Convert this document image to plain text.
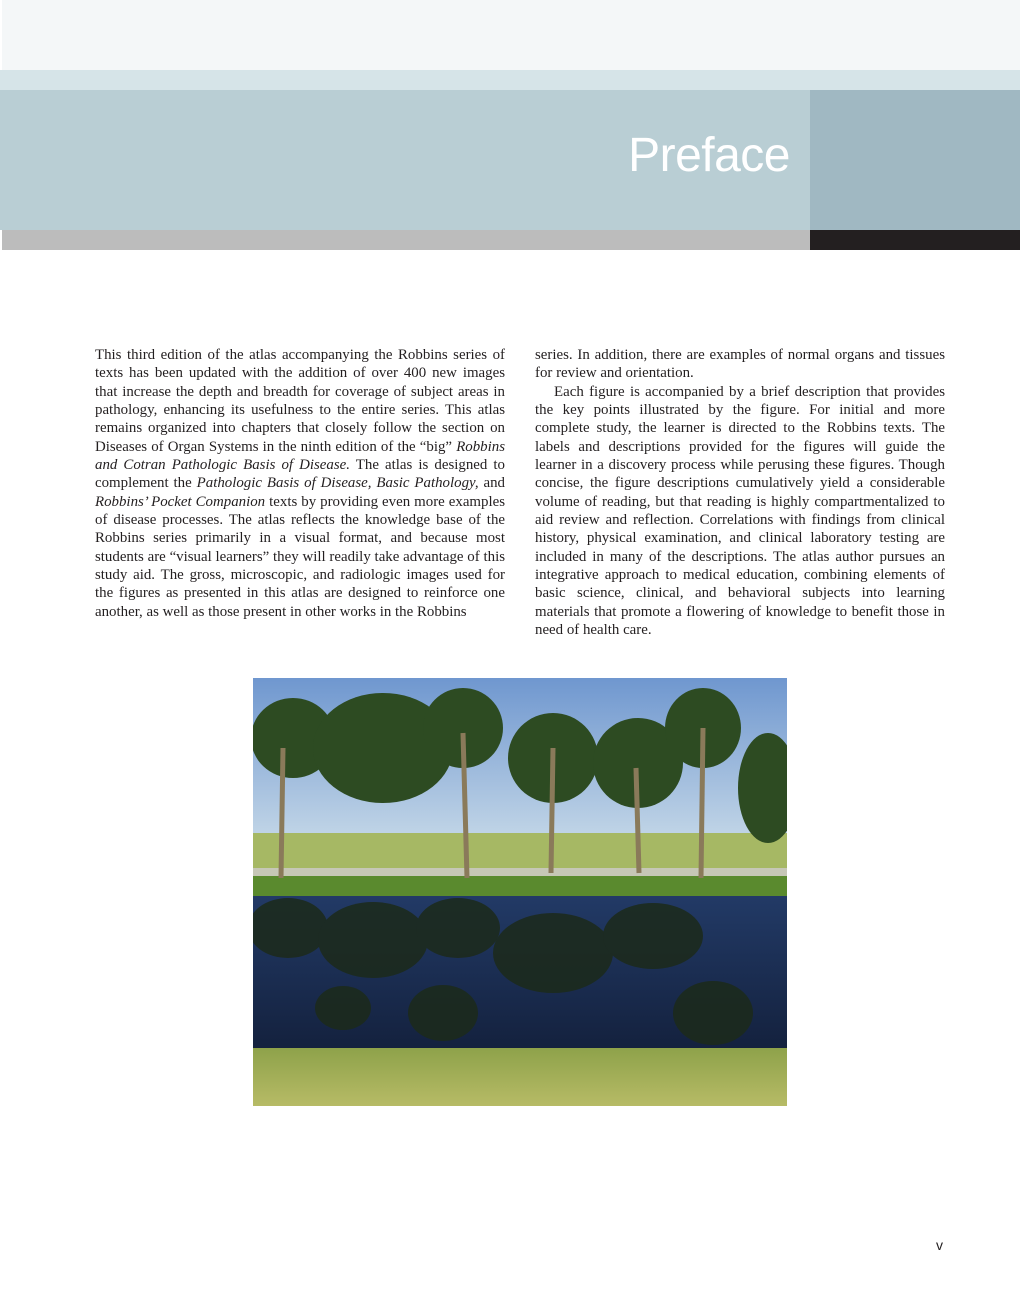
Preface

This third edition of the atlas accompanying the Robbins series of texts has been updated with the addition of over 400 new images that increase the depth and breadth for coverage of subject areas in pathology, enhancing its usefulness to the entire series. This atlas remains organized into chapters that closely follow the section on Diseases of Organ Systems in the ninth edition of the “big” Robbins and Cotran Pathologic Basis of Disease. The atlas is designed to complement the Pathologic Basis of Disease, Basic Pathology, and Robbins’ Pocket Companion texts by providing even more examples of disease processes. The atlas reflects the knowledge base of the Robbins series primarily in a visual format, and because most students are “visual learners” they will readily take advantage of this study aid. The gross, microscopic, and radiologic images used for the figures as presented in this atlas are designed to reinforce one another, as well as those present in other works in the Robbins

series. In addition, there are examples of normal organs and tissues for review and orientation.

Each figure is accompanied by a brief description that provides the key points illustrated by the figure. For initial and more complete study, the learner is directed to the Robbins texts. The labels and descriptions provided for the figures will guide the learner in a discovery process while perusing these figures. Though concise, the figure descriptions cumulatively yield a considerable volume of reading, but that reading is highly compartmentalized to aid review and reflection. Correlations with findings from clinical history, physical examination, and clinical laboratory testing are included in many of the descriptions. The atlas author pursues an integrative approach to medical education, combining elements of basic science, clinical, and behavioral subjects into learning materials that promote a flowering of knowledge to benefit those in need of health care.

v
